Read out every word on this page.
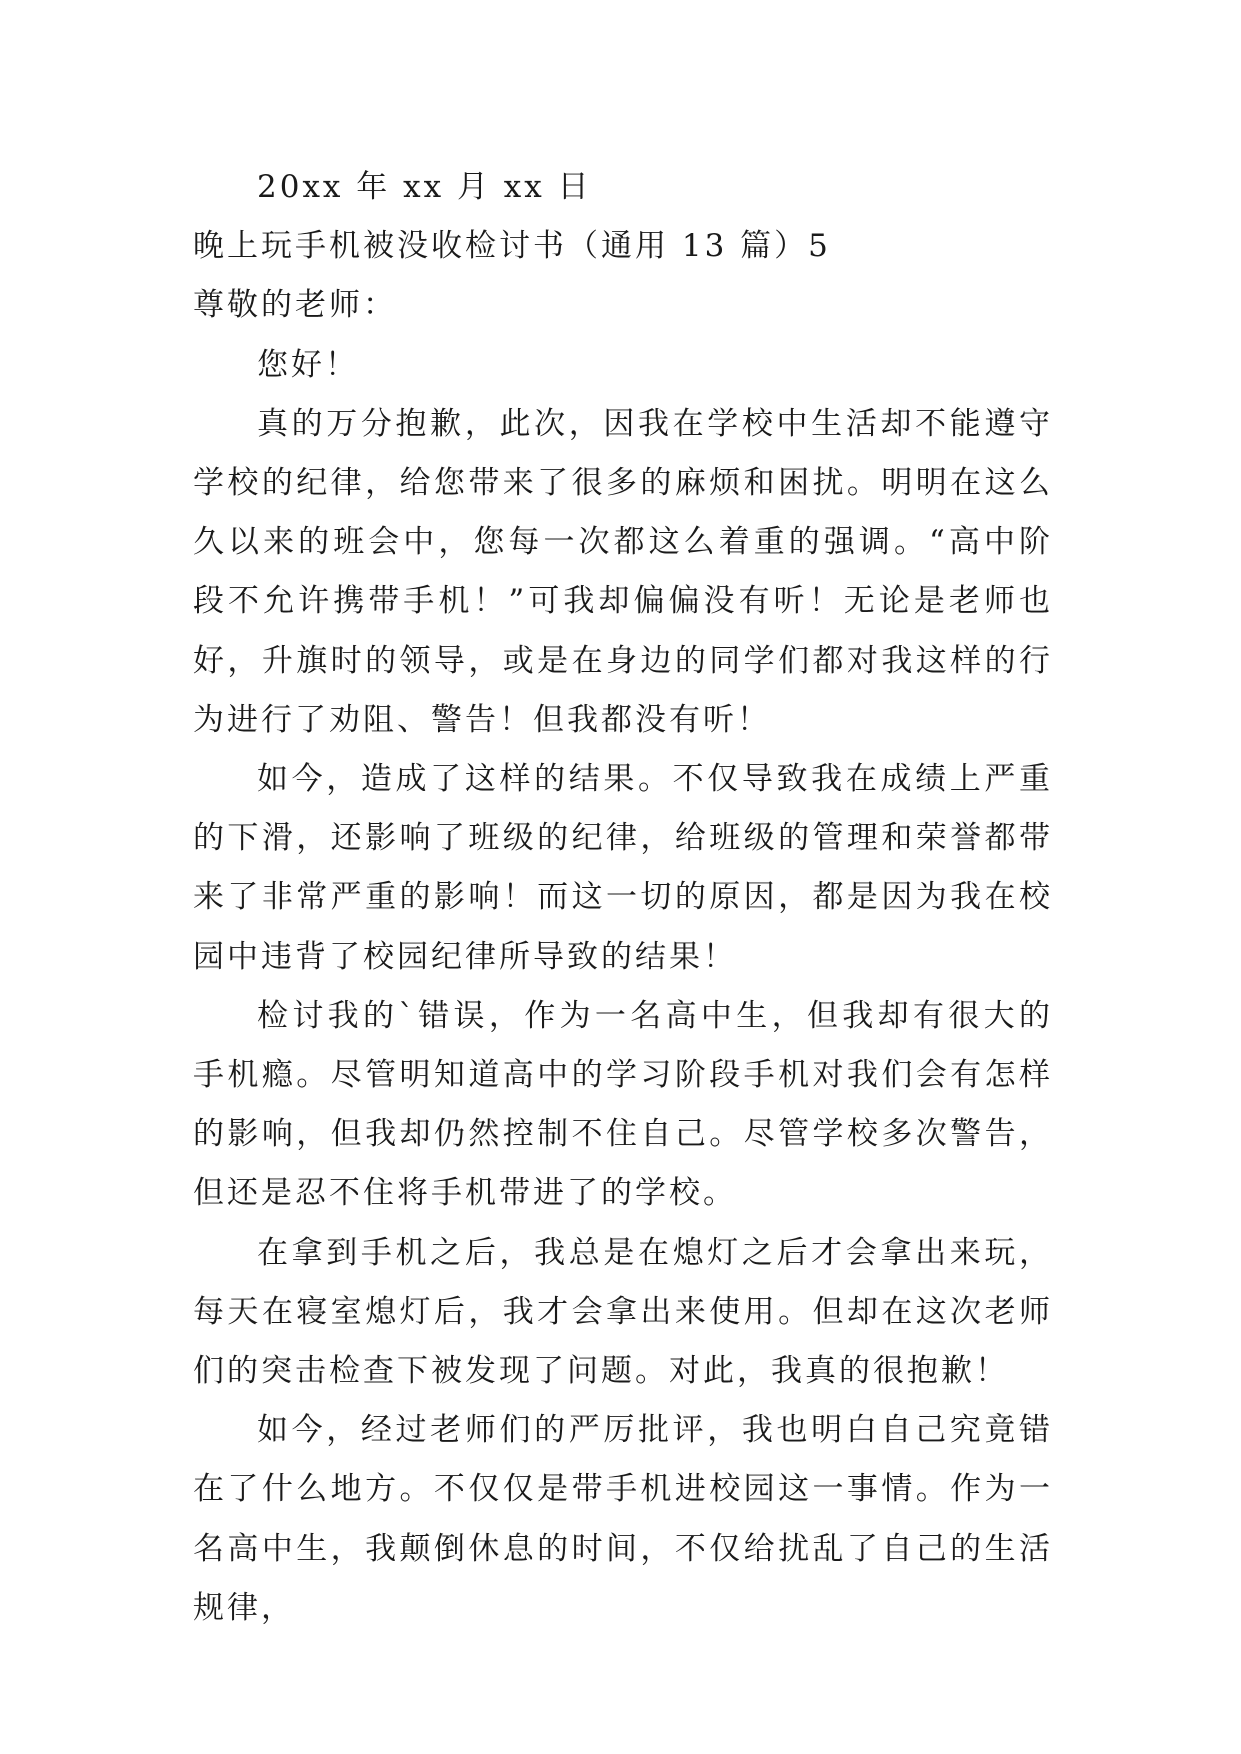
20xx 年 xx 月 xx 日
晚上玩手机被没收检讨书（通用 13 篇）5
尊敬的老师：
您好！

真的万分抱歉，此次，因我在学校中生活却不能遵守学校的纪律，给您带来了很多的麻烦和困扰。明明在这么久以来的班会中，您每一次都这么着重的强调。“高中阶段不允许携带手机！”可我却偏偏没有听！无论是老师也好，升旗时的领导，或是在身边的同学们都对我这样的行为进行了劝阻、警告！但我都没有听！

如今，造成了这样的结果。不仅导致我在成绩上严重的下滑，还影响了班级的纪律，给班级的管理和荣誉都带来了非常严重的影响！而这一切的原因，都是因为我在校园中违背了校园纪律所导致的结果！

检讨我的`错误，作为一名高中生，但我却有很大的手机瘾。尽管明知道高中的学习阶段手机对我们会有怎样的影响，但我却仍然控制不住自己。尽管学校多次警告，但还是忍不住将手机带进了的学校。

在拿到手机之后，我总是在熄灯之后才会拿出来玩，每天在寝室熄灯后，我才会拿出来使用。但却在这次老师们的突击检查下被发现了问题。对此，我真的很抱歉！

如今，经过老师们的严厉批评，我也明白自己究竟错在了什么地方。不仅仅是带手机进校园这一事情。作为一名高中生，我颠倒休息的时间，不仅给扰乱了自己的生活规律，
